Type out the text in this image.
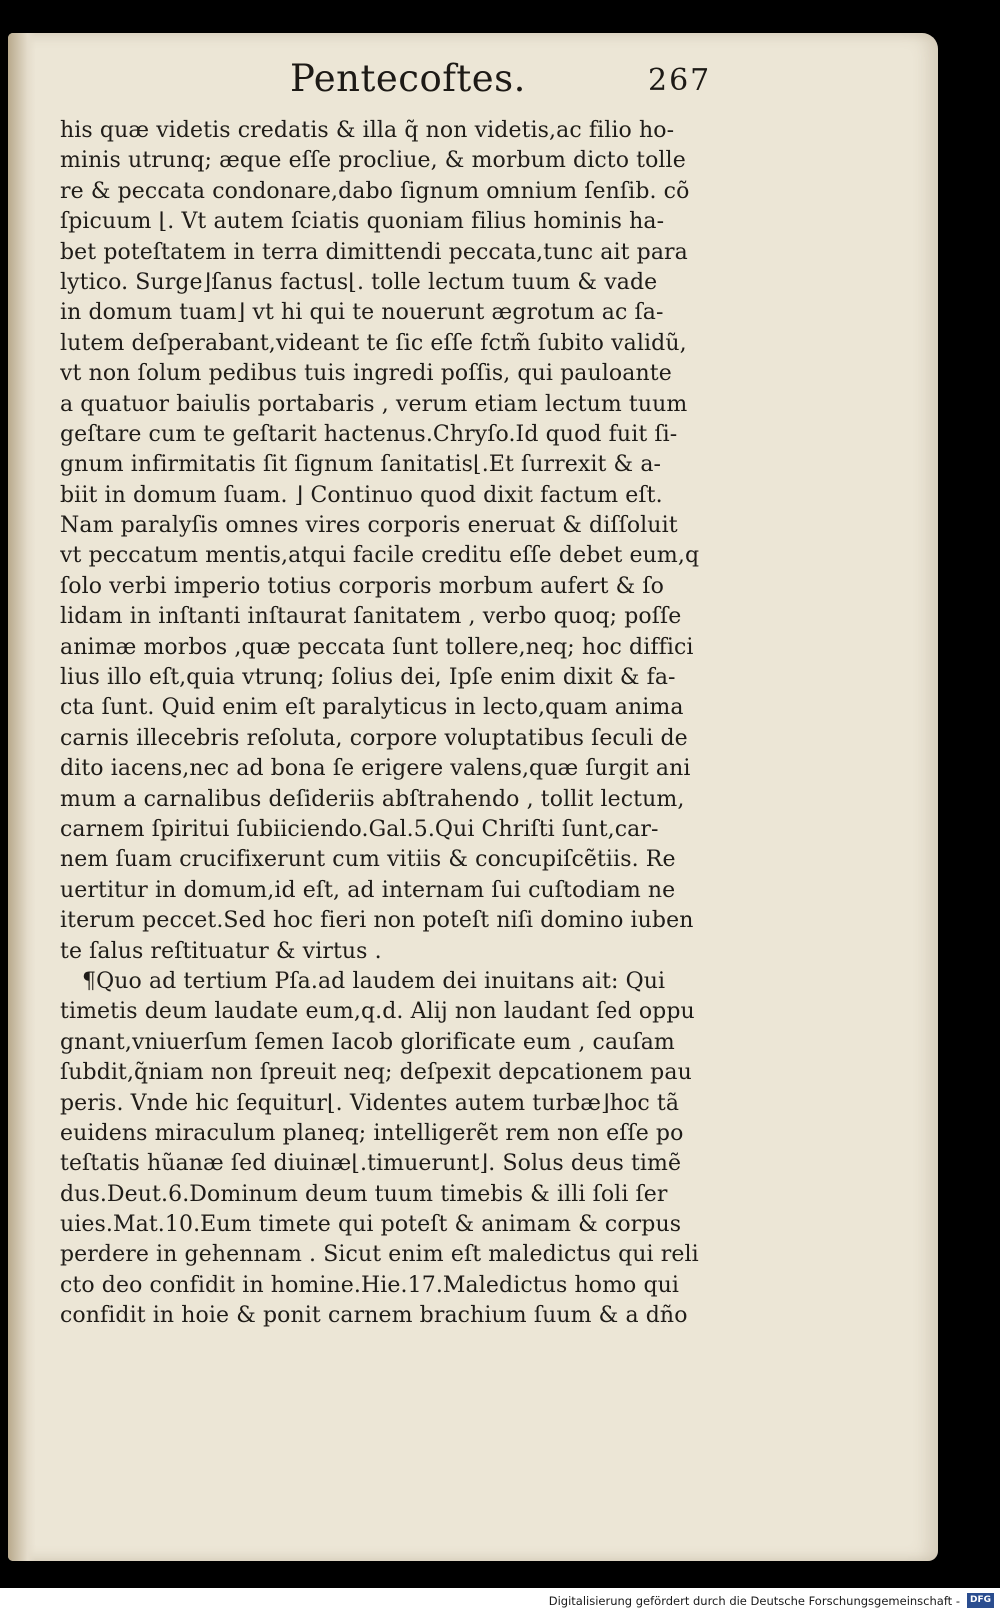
Pentecoftes.	267
his quæ videtis credatis & illa q̃ non videtis,ac filio ho-
minis utrunq; æque eſſe procliue, & morbum dicto tolle
re & peccata condonare,dabo ſignum omnium ſenſib. cõ
ſpicuum ⌊. Vt autem ſciatis quoniam filius hominis ha-
bet poteſtatem in terra dimittendi peccata,tunc ait para
lytico. Surge⌋ſanus factus⌊. tolle lectum tuum & vade
in domum tuam⌋ vt hi qui te nouerunt ægrotum ac ſa-
lutem deſperabant,videant te ſic eſſe fctm̃ ſubito validũ,
vt non ſolum pedibus tuis ingredi poſſis, qui pauloante
a quatuor baiulis portabaris , verum etiam lectum tuum
geſtare cum te geſtarit hactenus.Chryſo.Id quod fuit ſi-
gnum infirmitatis ſit ſignum ſanitatis⌊.Et ſurrexit & a-
biit in domum ſuam. ⌋ Continuo quod dixit factum eſt.
Nam paralyſis omnes vires corporis eneruat & diſſoluit
vt peccatum mentis,atqui facile creditu eſſe debet eum,q
ſolo verbi imperio totius corporis morbum aufert & ſo
lidam in inſtanti inſtaurat ſanitatem , verbo quoq; poſſe
animæ morbos ,quæ peccata ſunt tollere,neq; hoc diffici
lius illo eſt,quia vtrunq; ſolius dei, Ipſe enim dixit & fa-
cta ſunt. Quid enim eſt paralyticus in lecto,quam anima
carnis illecebris reſoluta, corpore voluptatibus ſeculi de
dito iacens,nec ad bona ſe erigere valens,quæ ſurgit ani
mum a carnalibus deſideriis abſtrahendo , tollit lectum,
carnem ſpiritui ſubiiciendo.Gal.5.Qui Chriſti ſunt,car-
nem ſuam crucifixerunt cum vitiis & concupiſcẽtiis. Re
uertitur in domum,id eſt, ad internam ſui cuſtodiam ne
iterum peccet.Sed hoc fieri non poteſt niſi domino iuben
te ſalus reſtituatur & virtus .
¶Quo ad tertium Pſa.ad laudem dei inuitans ait: Qui
timetis deum laudate eum,q.d. Alij non laudant ſed oppu
gnant,vniuerſum ſemen Iacob glorificate eum , cauſam
ſubdit,q̃niam non ſpreuit neq; deſpexit depcationem pau
peris. Vnde hic ſequitur⌊. Videntes autem turbæ⌋hoc tã
euidens miraculum planeq; intelligerẽt rem non eſſe po
teſtatis hũanæ ſed diuinæ⌊.timuerunt⌋. Solus deus timẽ
dus.Deut.6.Dominum deum tuum timebis & illi ſoli ſer
uies.Mat.10.Eum timete qui poteſt & animam & corpus
perdere in gehennam . Sicut enim eſt maledictus qui reli
cto deo confidit in homine.Hie.17.Maledictus homo qui
confidit in hoie & ponit carnem brachium ſuum & a dño
Digitalisierung gefördert durch die Deutsche Forschungsgemeinschaft -	DFG
